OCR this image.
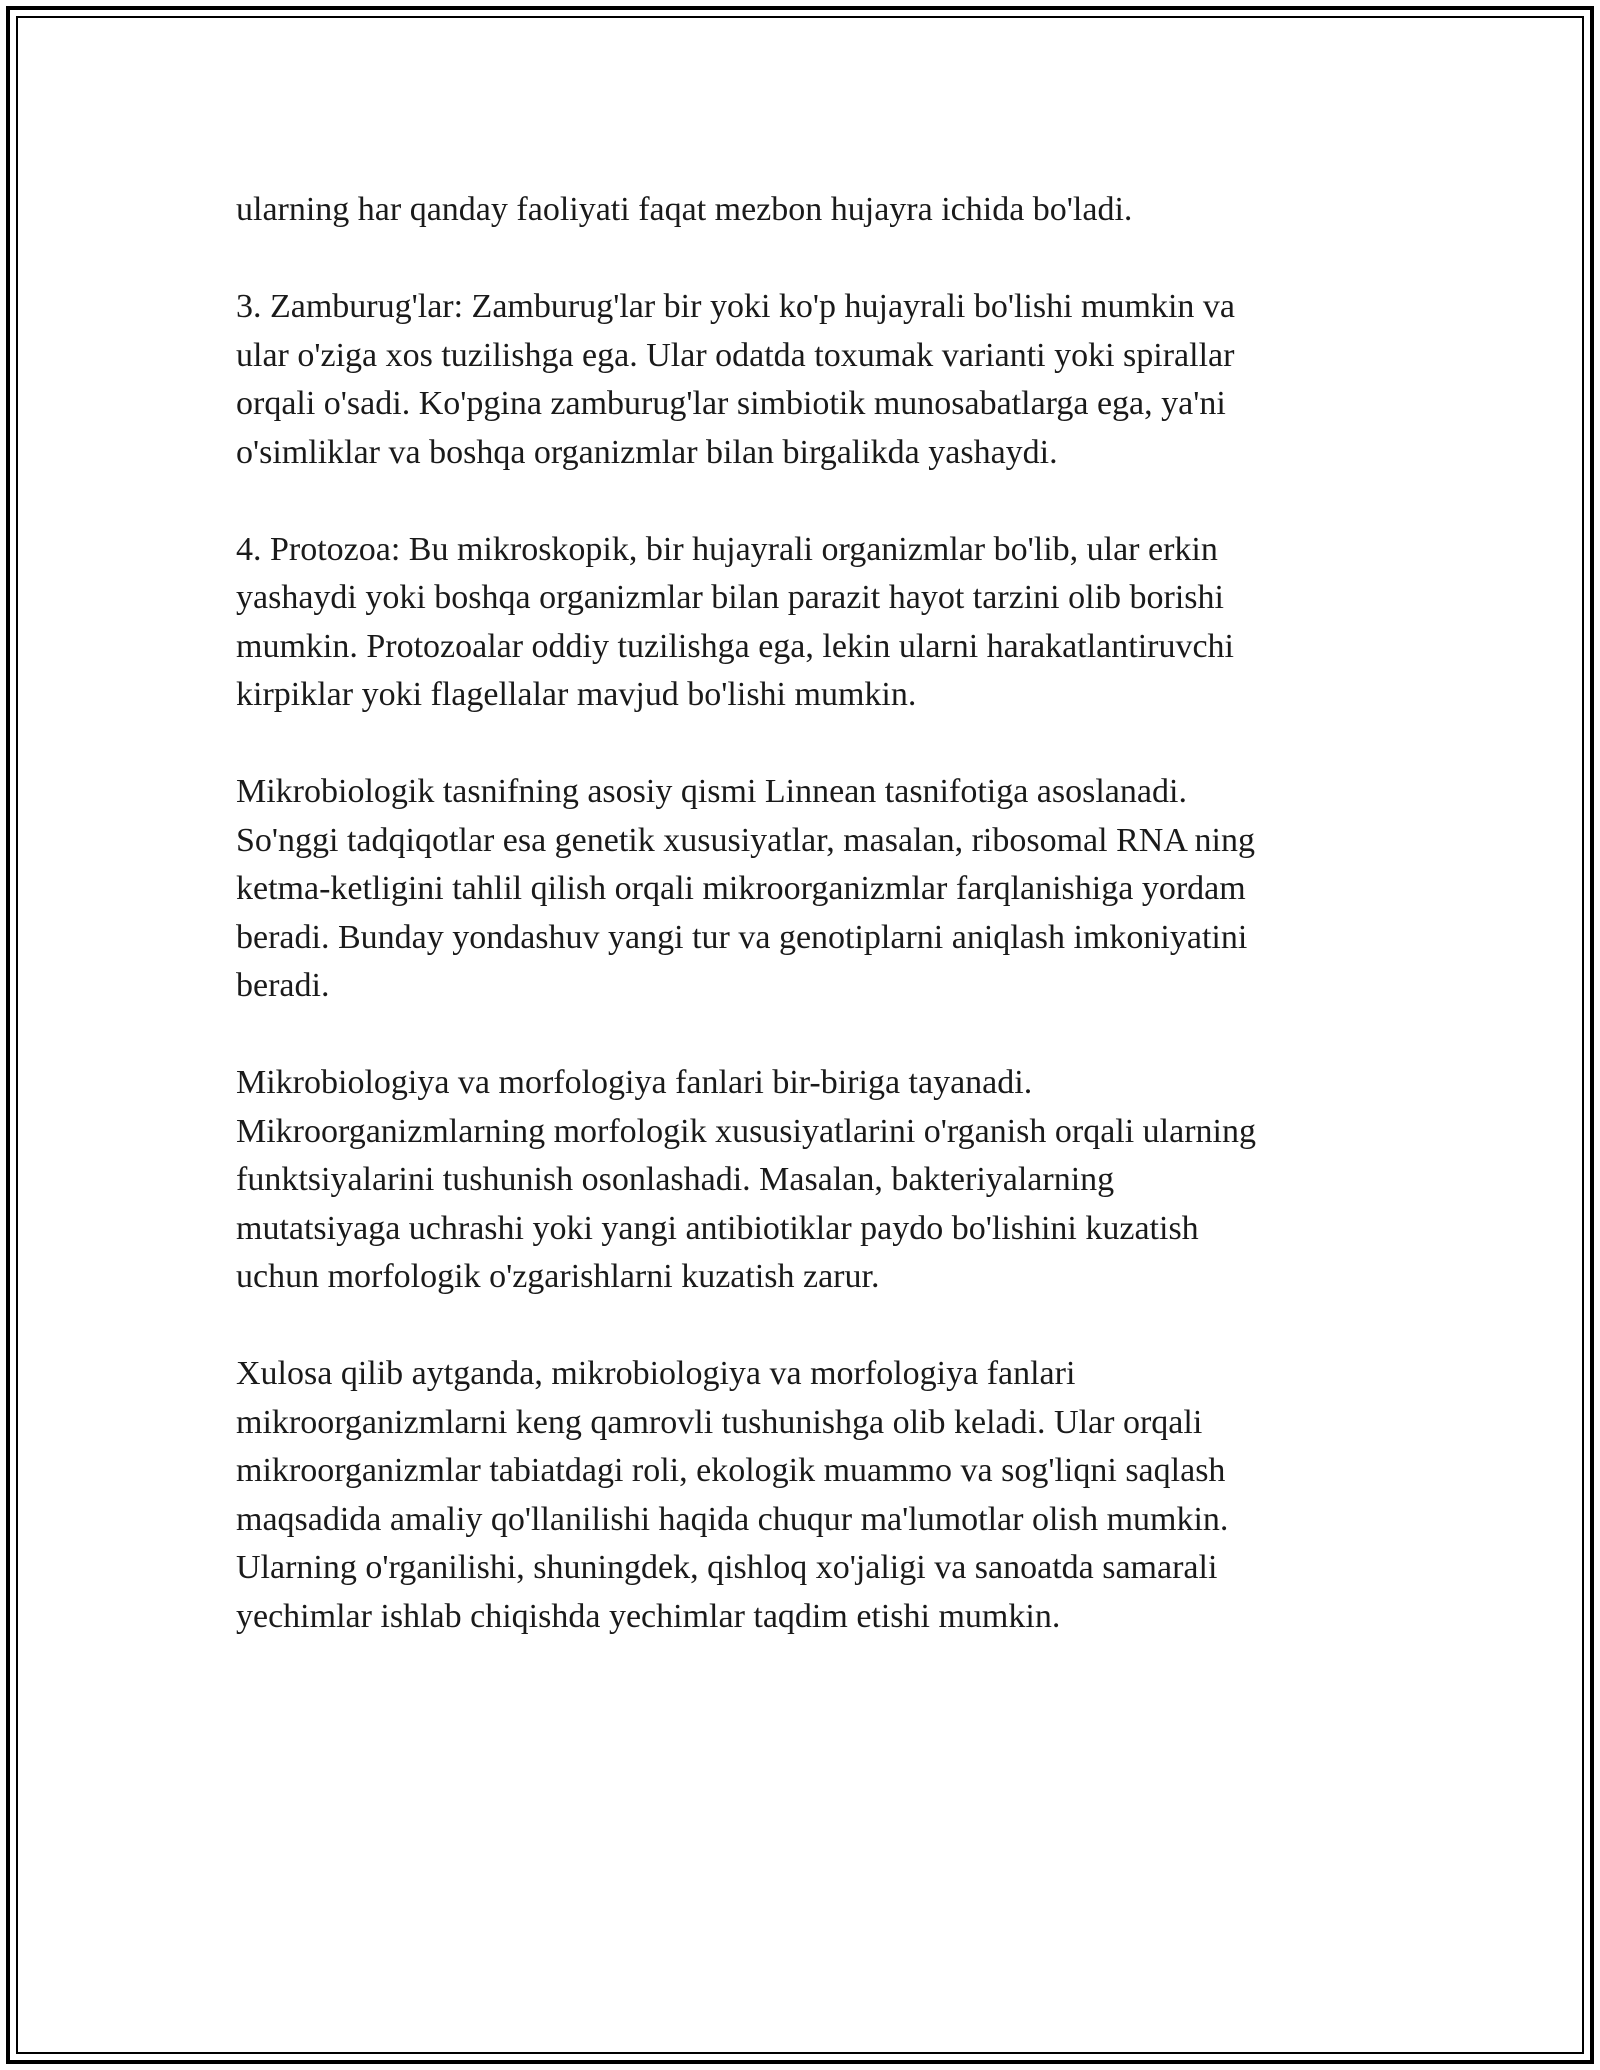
ularning har qanday faoliyati faqat mezbon hujayra ichida bo'ladi.

3. Zamburug'lar: Zamburug'lar bir yoki ko'p hujayrali bo'lishi mumkin va
ular o'ziga xos tuzilishga ega. Ular odatda toxumak varianti yoki spirallar
orqali o'sadi. Ko'pgina zamburug'lar simbiotik munosabatlarga ega, ya'ni
o'simliklar va boshqa organizmlar bilan birgalikda yashaydi.

4. Protozoa: Bu mikroskopik, bir hujayrali organizmlar bo'lib, ular erkin
yashaydi yoki boshqa organizmlar bilan parazit hayot tarzini olib borishi
mumkin. Protozoalar oddiy tuzilishga ega, lekin ularni harakatlantiruvchi
kirpiklar yoki flagellalar mavjud bo'lishi mumkin.

Mikrobiologik tasnifning asosiy qismi Linnean tasnifotiga asoslanadi.
So'nggi tadqiqotlar esa genetik xususiyatlar, masalan, ribosomal RNA ning
ketma-ketligini tahlil qilish orqali mikroorganizmlar farqlanishiga yordam
beradi. Bunday yondashuv yangi tur va genotiplarni aniqlash imkoniyatini
beradi.

Mikrobiologiya va morfologiya fanlari bir-biriga tayanadi.
Mikroorganizmlarning morfologik xususiyatlarini o'rganish orqali ularning
funktsiyalarini tushunish osonlashadi. Masalan, bakteriyalarning
mutatsiyaga uchrashi yoki yangi antibiotiklar paydo bo'lishini kuzatish
uchun morfologik o'zgarishlarni kuzatish zarur.

Xulosa qilib aytganda, mikrobiologiya va morfologiya fanlari
mikroorganizmlarni keng qamrovli tushunishga olib keladi. Ular orqali
mikroorganizmlar tabiatdagi roli, ekologik muammo va sog'liqni saqlash
maqsadida amaliy qo'llanilishi haqida chuqur ma'lumotlar olish mumkin.
Ularning o'rganilishi, shuningdek, qishloq xo'jaligi va sanoatda samarali
yechimlar ishlab chiqishda yechimlar taqdim etishi mumkin.
